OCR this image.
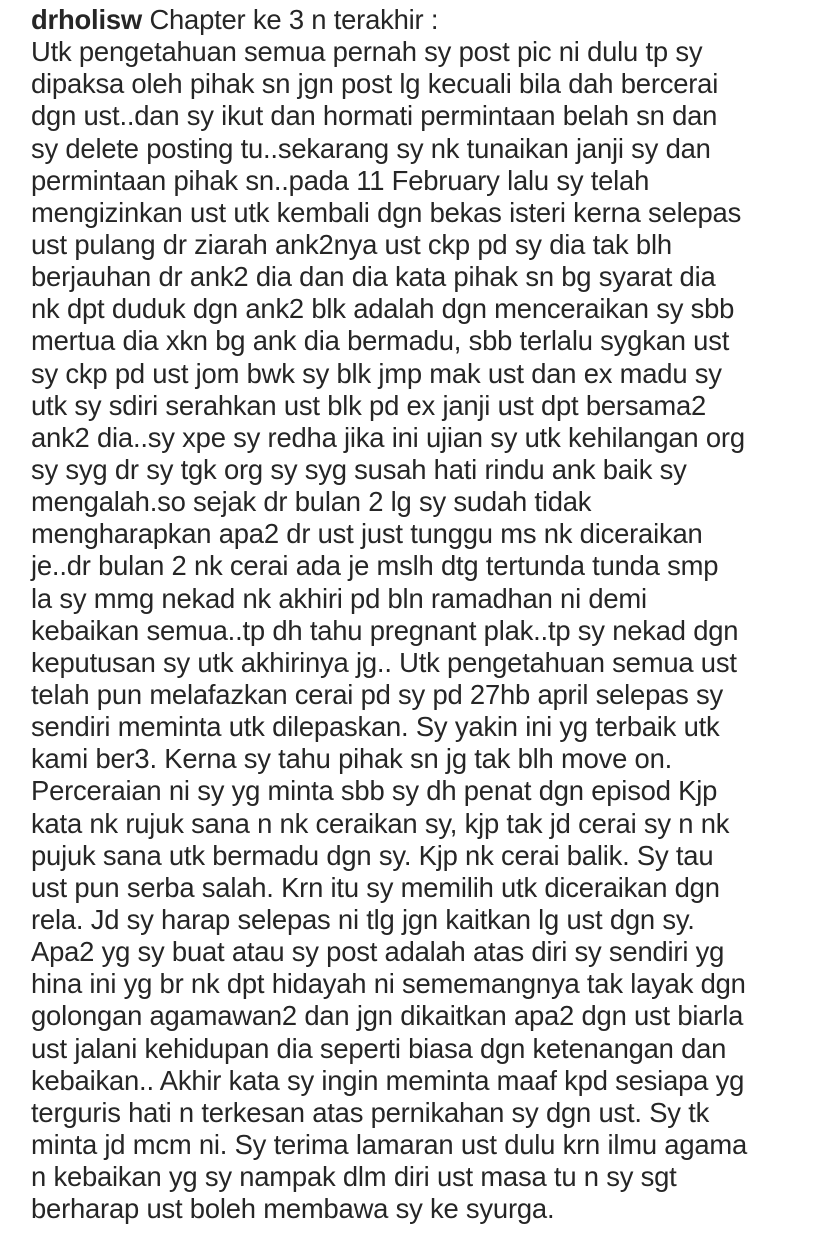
drholisw Chapter ke 3 n terakhir :
Utk pengetahuan semua pernah sy post pic ni dulu tp sy
dipaksa oleh pihak sn jgn post lg kecuali bila dah bercerai
dgn ust..dan sy ikut dan hormati permintaan belah sn dan
sy delete posting tu..sekarang sy nk tunaikan janji sy dan
permintaan pihak sn..pada 11 February lalu sy telah
mengizinkan ust utk kembali dgn bekas isteri kerna selepas
ust pulang dr ziarah ank2nya ust ckp pd sy dia tak blh
berjauhan dr ank2 dia dan dia kata pihak sn bg syarat dia
nk dpt duduk dgn ank2 blk adalah dgn menceraikan sy sbb
mertua dia xkn bg ank dia bermadu, sbb terlalu sygkan ust
sy ckp pd ust jom bwk sy blk jmp mak ust dan ex madu sy
utk sy sdiri serahkan ust blk pd ex janji ust dpt bersama2
ank2 dia..sy xpe sy redha jika ini ujian sy utk kehilangan org
sy syg dr sy tgk org sy syg susah hati rindu ank baik sy
mengalah.so sejak dr bulan 2 lg sy sudah tidak
mengharapkan apa2 dr ust just tunggu ms nk diceraikan
je..dr bulan 2 nk cerai ada je mslh dtg tertunda tunda smp
la sy mmg nekad nk akhiri pd bln ramadhan ni demi
kebaikan semua..tp dh tahu pregnant plak..tp sy nekad dgn
keputusan sy utk akhirinya jg.. Utk pengetahuan semua ust
telah pun melafazkan cerai pd sy pd 27hb april selepas sy
sendiri meminta utk dilepaskan. Sy yakin ini yg terbaik utk
kami ber3. Kerna sy tahu pihak sn jg tak blh move on.
Perceraian ni sy yg minta sbb sy dh penat dgn episod Kjp
kata nk rujuk sana n nk ceraikan sy, kjp tak jd cerai sy n nk
pujuk sana utk bermadu dgn sy. Kjp nk cerai balik. Sy tau
ust pun serba salah. Krn itu sy memilih utk diceraikan dgn
rela. Jd sy harap selepas ni tlg jgn kaitkan lg ust dgn sy.
Apa2 yg sy buat atau sy post adalah atas diri sy sendiri yg
hina ini yg br nk dpt hidayah ni sememangnya tak layak dgn
golongan agamawan2 dan jgn dikaitkan apa2 dgn ust biarla
ust jalani kehidupan dia seperti biasa dgn ketenangan dan
kebaikan.. Akhir kata sy ingin meminta maaf kpd sesiapa yg
terguris hati n terkesan atas pernikahan sy dgn ust. Sy tk
minta jd mcm ni. Sy terima lamaran ust dulu krn ilmu agama
n kebaikan yg sy nampak dlm diri ust masa tu n sy sgt
berharap ust boleh membawa sy ke syurga.
